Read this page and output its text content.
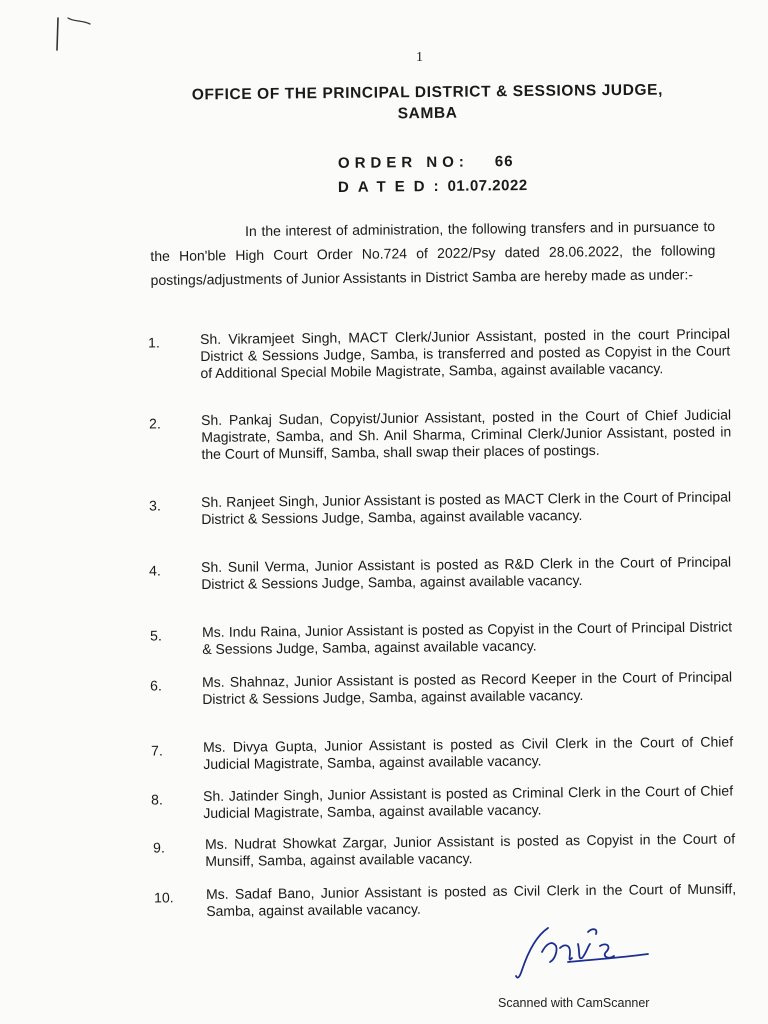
1
OFFICE OF THE PRINCIPAL DISTRICT & SESSIONS JUDGE,
SAMBA
ORDER NO: 66
DATED:01.07.2022

In the interest of administration, the following transfers and in pursuance to the Hon'ble High Court Order No.724 of 2022/Psy dated 28.06.2022, the following postings/adjustments of Junior Assistants in District Samba are hereby made as under:-

1.	Sh. Vikramjeet Singh, MACT Clerk/Junior Assistant, posted in the court Principal District & Sessions Judge, Samba, is transferred and posted as Copyist in the Court of Additional Special Mobile Magistrate, Samba, against available vacancy.
2.	Sh. Pankaj Sudan, Copyist/Junior Assistant, posted in the Court of Chief Judicial Magistrate, Samba, and Sh. Anil Sharma, Criminal Clerk/Junior Assistant, posted in the Court of Munsiff, Samba, shall swap their places of postings.
3.	Sh. Ranjeet Singh, Junior Assistant is posted as MACT Clerk in the Court of Principal District & Sessions Judge, Samba, against available vacancy.
4.	Sh. Sunil Verma, Junior Assistant is posted as R&D Clerk in the Court of Principal District & Sessions Judge, Samba, against available vacancy.
5.	Ms. Indu Raina, Junior Assistant is posted as Copyist in the Court of Principal District & Sessions Judge, Samba, against available vacancy.
6.	Ms. Shahnaz, Junior Assistant is posted as Record Keeper in the Court of Principal District & Sessions Judge, Samba, against available vacancy.
7.	Ms. Divya Gupta, Junior Assistant is posted as Civil Clerk in the Court of Chief Judicial Magistrate, Samba, against available vacancy.
8.	Sh. Jatinder Singh, Junior Assistant is posted as Criminal Clerk in the Court of Chief Judicial Magistrate, Samba, against available vacancy.
9.	Ms. Nudrat Showkat Zargar, Junior Assistant is posted as Copyist in the Court of Munsiff, Samba, against available vacancy.
10.	Ms. Sadaf Bano, Junior Assistant is posted as Civil Clerk in the Court of Munsiff, Samba, against available vacancy.
Scanned with CamScanner
